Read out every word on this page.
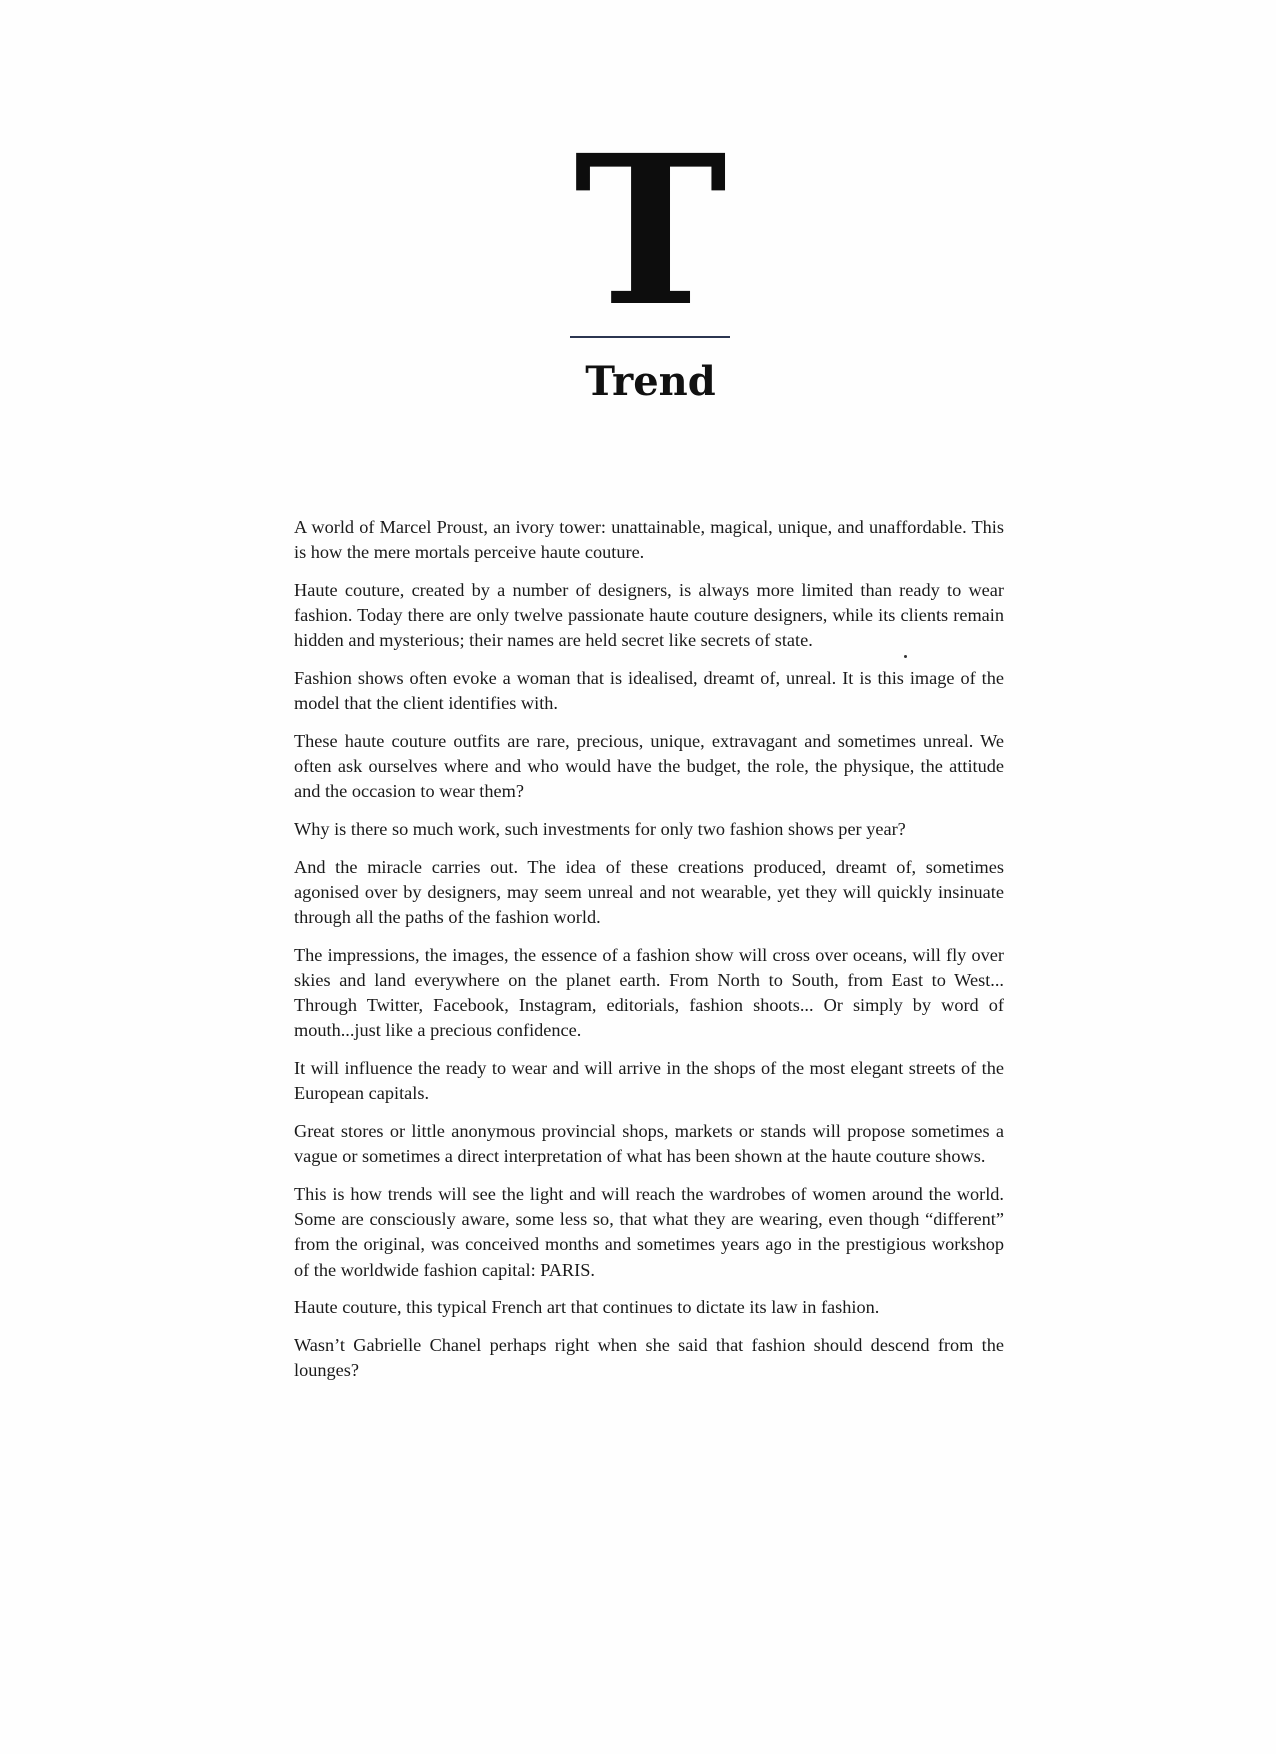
T
Trend

A world of Marcel Proust, an ivory tower: unattainable, magical, unique, and unaffordable. This is how the mere mortals perceive haute couture.

Haute couture, created by a number of designers, is always more limited than ready to wear fashion. Today there are only twelve passionate haute couture designers, while its clients remain hidden and mysterious; their names are held secret like secrets of state.

Fashion shows often evoke a woman that is idealised, dreamt of, unreal. It is this image of the model that the client identifies with.

These haute couture outfits are rare, precious, unique, extravagant and sometimes unreal. We often ask ourselves where and who would have the budget, the role, the physique, the attitude and the occasion to wear them?

Why is there so much work, such investments for only two fashion shows per year?

And the miracle carries out. The idea of these creations produced, dreamt of, sometimes agonised over by designers, may seem unreal and not wearable, yet they will quickly insinuate through all the paths of the fashion world.

The impressions, the images, the essence of a fashion show will cross over oceans, will fly over skies and land everywhere on the planet earth. From North to South, from East to West... Through Twitter, Facebook, Instagram, editorials, fashion shoots... Or simply by word of mouth...just like a precious confidence.

It will influence the ready to wear and will arrive in the shops of the most elegant streets of the European capitals.

Great stores or little anonymous provincial shops, markets or stands will propose sometimes a vague or sometimes a direct interpretation of what has been shown at the haute couture shows.

This is how trends will see the light and will reach the wardrobes of women around the world. Some are consciously aware, some less so, that what they are wearing, even though “different” from the original, was conceived months and sometimes years ago in the prestigious workshop of the worldwide fashion capital: PARIS.

Haute couture, this typical French art that continues to dictate its law in fashion.

Wasn’t Gabrielle Chanel perhaps right when she said that fashion should descend from the lounges?
